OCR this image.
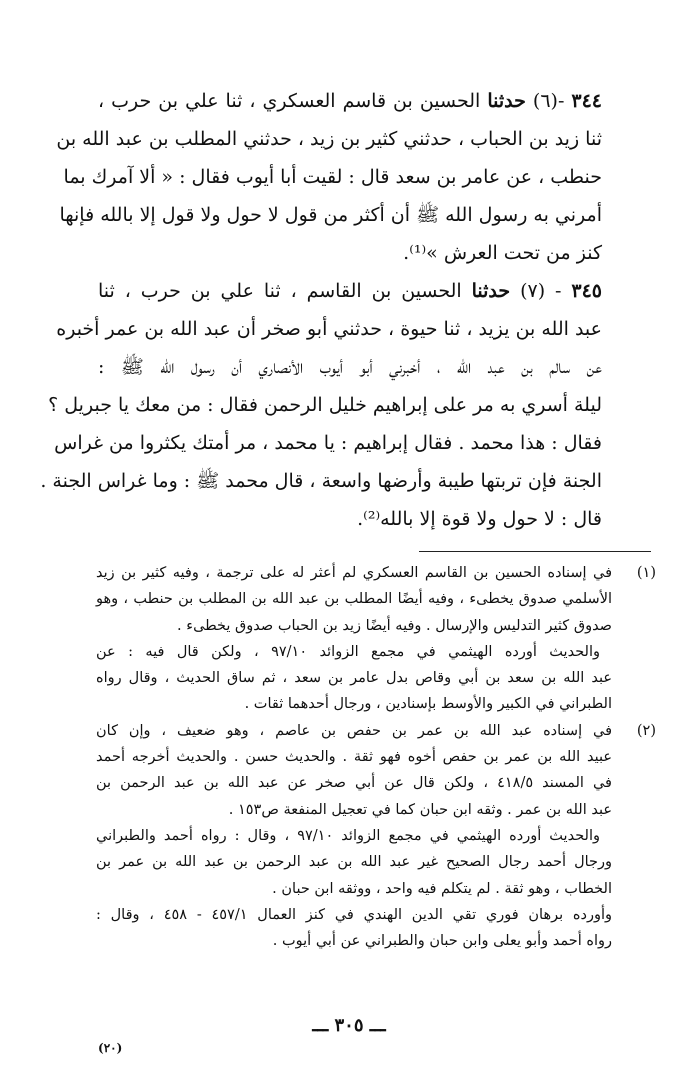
٣٤٤ -(٦) حدثنا الحسين بن قاسم العسكري ، ثنا علي بن حرب ،
ثنا زيد بن الحباب ، حدثني كثير بن زيد ، حدثني المطلب بن عبد الله بن
حنطب ، عن عامر بن سعد قال : لقيت أبا أيوب فقال : « ألا آمرك بما
أمرني به رسول الله ﷺ أن أكثر من قول لا حول ولا قول إلا بالله فإنها
كنز من تحت العرش »⁽¹⁾.
٣٤٥ - (٧) حدثنا الحسين بن القاسم ، ثنا علي بن حرب ، ثنا
عبد الله بن يزيد ، ثنا حيوة ، حدثني أبو صخر أن عبد الله بن عمر أخبره
عن سالم بن عبد الله ، أخبرني أبو أيوب الأنصاري أن رسول الله ﷺ :
ليلة أسري به مر على إبراهيم خليل الرحمن فقال : من معك يا جبريل ؟
فقال : هذا محمد . فقال إبراهيم : يا محمد ، مر أمتك يكثروا من غراس
الجنة فإن تربتها طيبة وأرضها واسعة ، قال محمد ﷺ : وما غراس الجنة .
قال : لا حول ولا قوة إلا بالله⁽²⁾.
(١)
في إسناده الحسين بن القاسم العسكري لم أعثر له على ترجمة ، وفيه كثير بن زيد
الأسلمي صدوق يخطىء ، وفيه أيضًا المطلب بن عبد الله بن المطلب بن حنطب ، وهو
صدوق كثير التدليس والإرسال . وفيه أيضًا زيد بن الحباب صدوق يخطىء .
والحديث أورده الهيثمي في مجمع الزوائد ٩٧/١٠ ، ولكن قال فيه : عن
عبد الله بن سعد بن أبي وقاص بدل عامر بن سعد ، ثم ساق الحديث ، وقال رواه
الطبراني في الكبير والأوسط بإسنادين ، ورجال أحدهما ثقات .
(٢)
في إسناده عبد الله بن عمر بن حفص بن عاصم ، وهو ضعيف ، وإن كان
عبيد الله بن عمر بن حفص أخوه فهو ثقة . والحديث حسن . والحديث أخرجه أحمد
في المسند ٤١٨/٥ ، ولكن قال عن أبي صخر عن عبد الله بن عبد الرحمن بن
عبد الله بن عمر . وثقه ابن حبان كما في تعجيل المنفعة ص١٥٣ .
والحديث أورده الهيثمي في مجمع الزوائد ٩٧/١٠ ، وقال : رواه أحمد والطبراني
ورجال أحمد رجال الصحيح غير عبد الله بن عبد الرحمن بن عبد الله بن عمر بن
الخطاب ، وهو ثقة . لم يتكلم فيه واحد ، ووثقه ابن حبان .
وأورده برهان فوري تقي الدين الهندي في كنز العمال ٤٥٧/١ - ٤٥٨ ، وقال :
رواه أحمد وأبو يعلى وابن حبان والطبراني عن أبي أيوب .
ـــ ٣٠٥ ـــ
(٢٠)
